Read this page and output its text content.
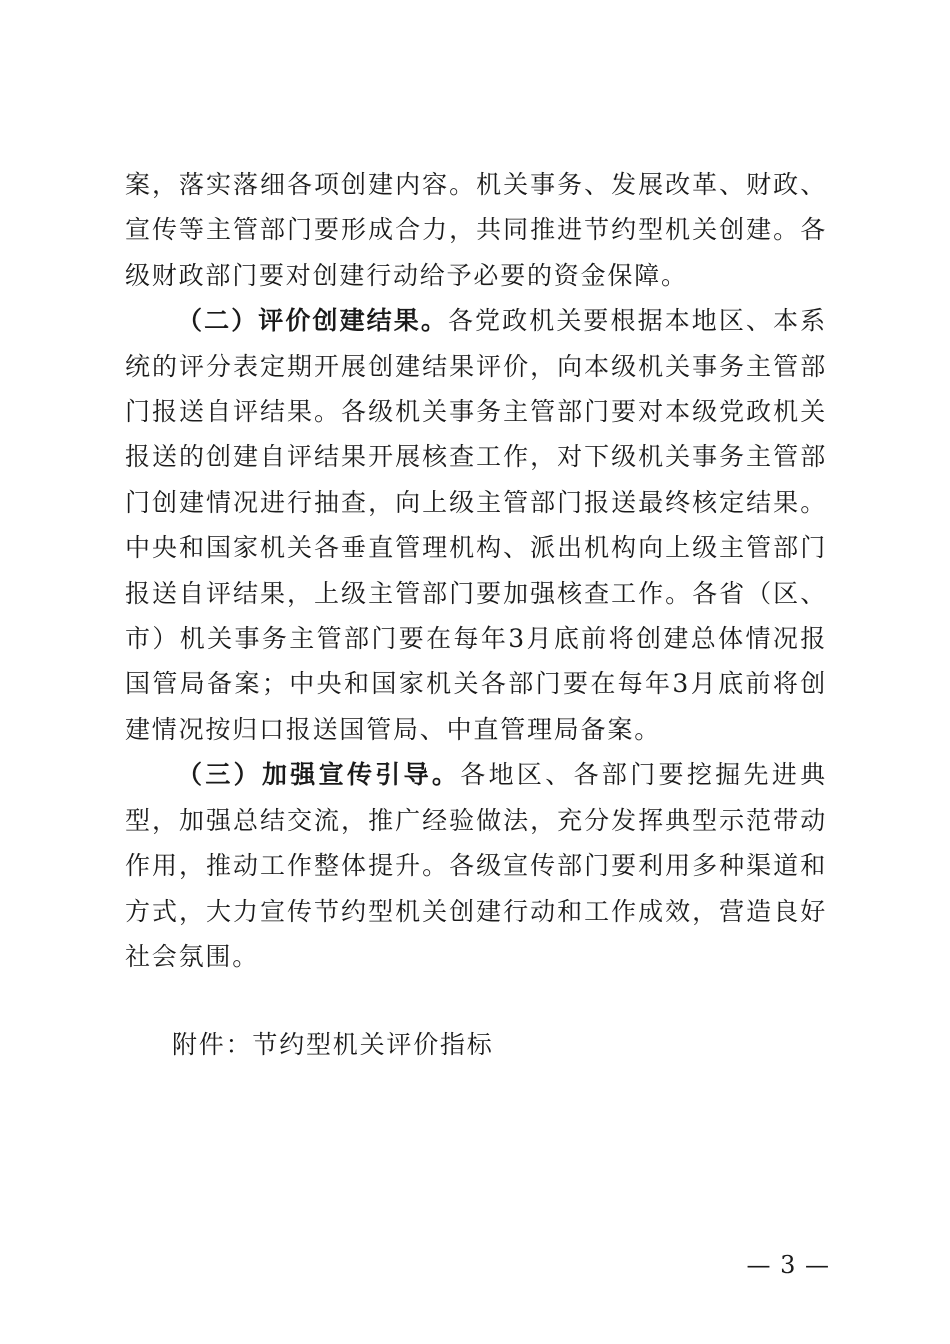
案，落实落细各项创建内容。机关事务、发展改革、财政、宣传等主管部门要形成合力，共同推进节约型机关创建。各级财政部门要对创建行动给予必要的资金保障。

（二）评价创建结果。各党政机关要根据本地区、本系统的评分表定期开展创建结果评价，向本级机关事务主管部门报送自评结果。各级机关事务主管部门要对本级党政机关报送的创建自评结果开展核查工作，对下级机关事务主管部门创建情况进行抽查，向上级主管部门报送最终核定结果。中央和国家机关各垂直管理机构、派出机构向上级主管部门报送自评结果，上级主管部门要加强核查工作。各省（区、市）机关事务主管部门要在每年3月底前将创建总体情况报国管局备案；中央和国家机关各部门要在每年3月底前将创建情况按归口报送国管局、中直管理局备案。

（三）加强宣传引导。各地区、各部门要挖掘先进典型，加强总结交流，推广经验做法，充分发挥典型示范带动作用，推动工作整体提升。各级宣传部门要利用多种渠道和方式，大力宣传节约型机关创建行动和工作成效，营造良好社会氛围。

附件：节约型机关评价指标

— 3 —
